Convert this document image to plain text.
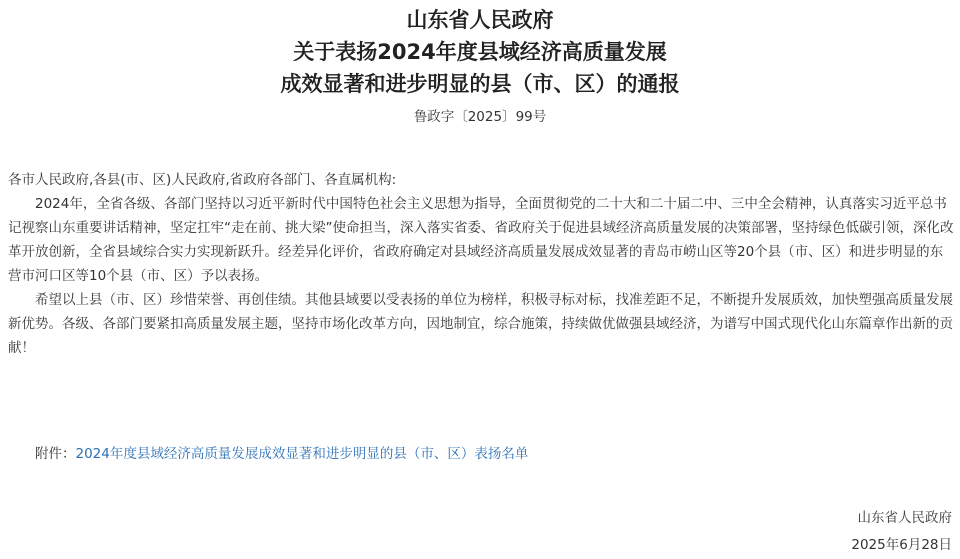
山东省人民政府
关于表扬2024年度县域经济高质量发展
成效显著和进步明显的县（市、区）的通报
鲁政字〔2025〕99号

各市人民政府,各县(市、区)人民政府,省政府各部门、各直属机构:

2024年，全省各级、各部门坚持以习近平新时代中国特色社会主义思想为指导，全面贯彻党的二十大和二十届二中、三中全会精神，认真落实习近平总书记视察山东重要讲话精神，坚定扛牢“走在前、挑大梁”使命担当，深入落实省委、省政府关于促进县域经济高质量发展的决策部署，坚持绿色低碳引领，深化改革开放创新，全省县域综合实力实现新跃升。经差异化评价，省政府确定对县域经济高质量发展成效显著的青岛市崂山区等20个县（市、区）和进步明显的东营市河口区等10个县（市、区）予以表扬。

希望以上县（市、区）珍惜荣誉、再创佳绩。其他县域要以受表扬的单位为榜样，积极寻标对标，找准差距不足，不断提升发展质效，加快塑强高质量发展新优势。各级、各部门要紧扣高质量发展主题，坚持市场化改革方向，因地制宜，综合施策，持续做优做强县域经济，为谱写中国式现代化山东篇章作出新的贡献！

附件：2024年度县域经济高质量发展成效显著和进步明显的县（市、区）表扬名单
山东省人民政府
2025年6月28日
